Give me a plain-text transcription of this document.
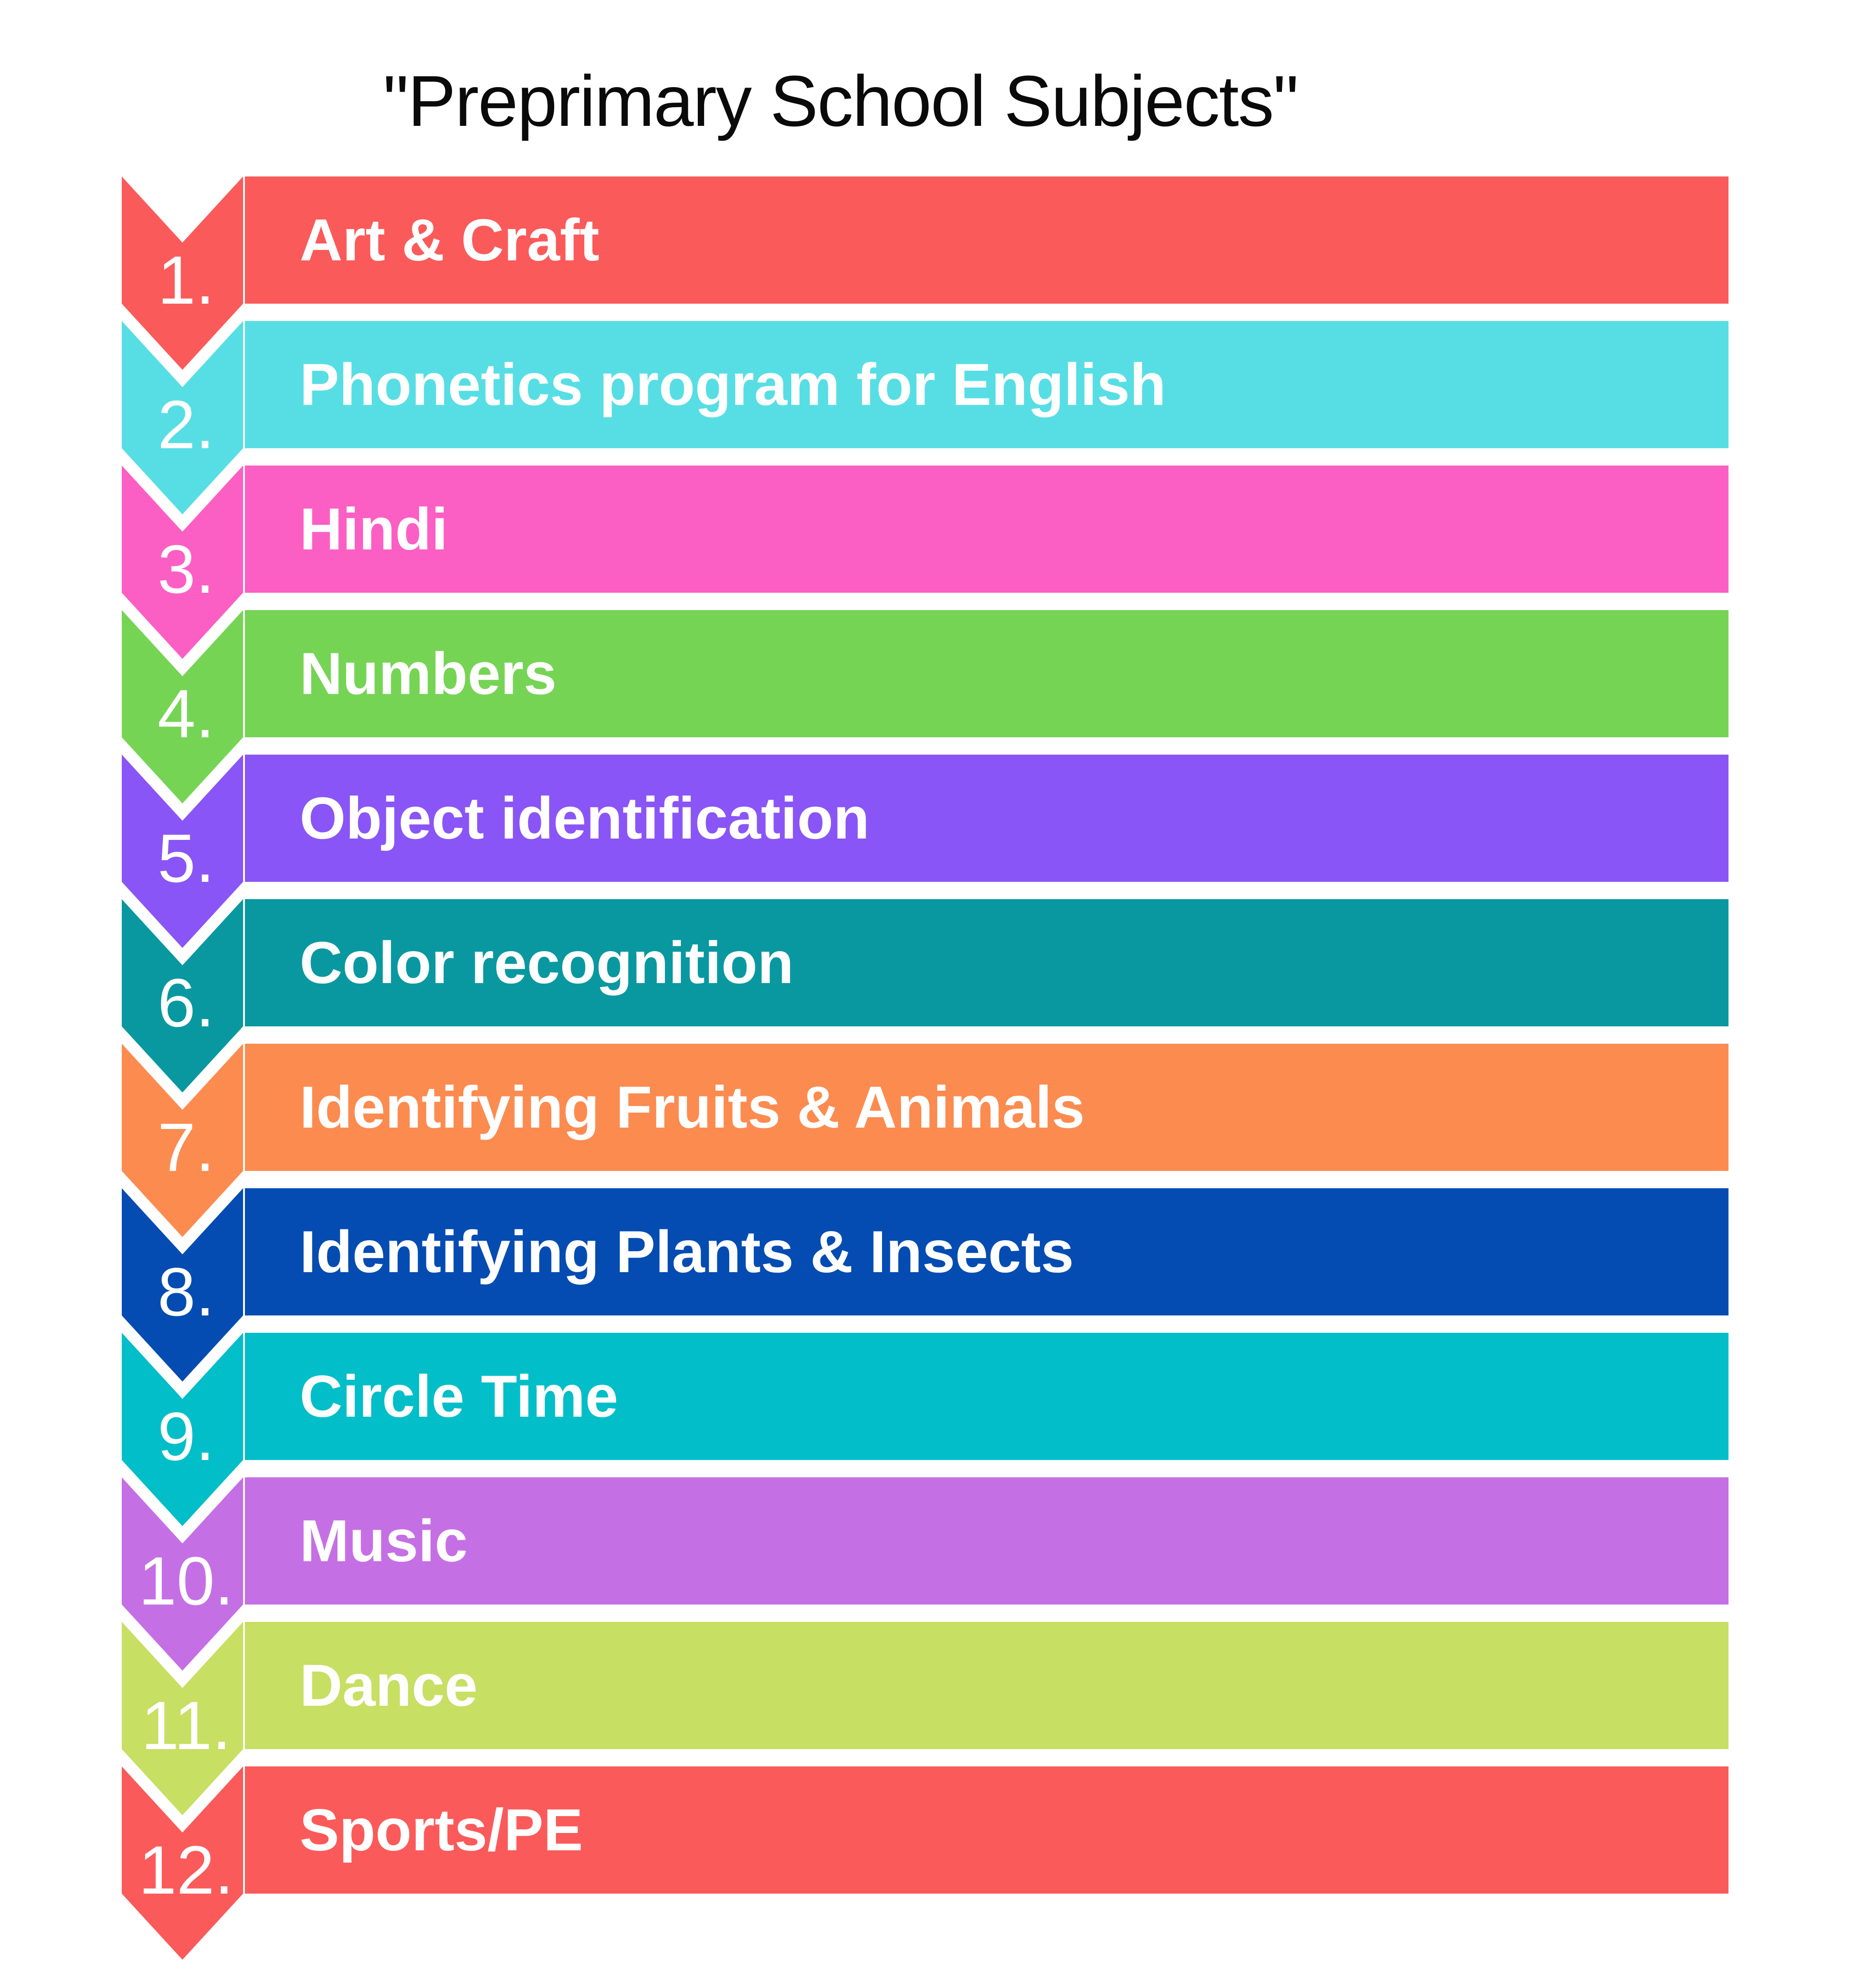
"Preprimary School Subjects"
Art & Craft
1.
Phonetics program for English
2.
Hindi
3.
Numbers
4.
Object identification
5.
Color recognition
6.
Identifying Fruits & Animals
7.
Identifying Plants & Insects
8.
Circle Time
9.
Music
10.
Dance
11.
Sports/PE
12.
